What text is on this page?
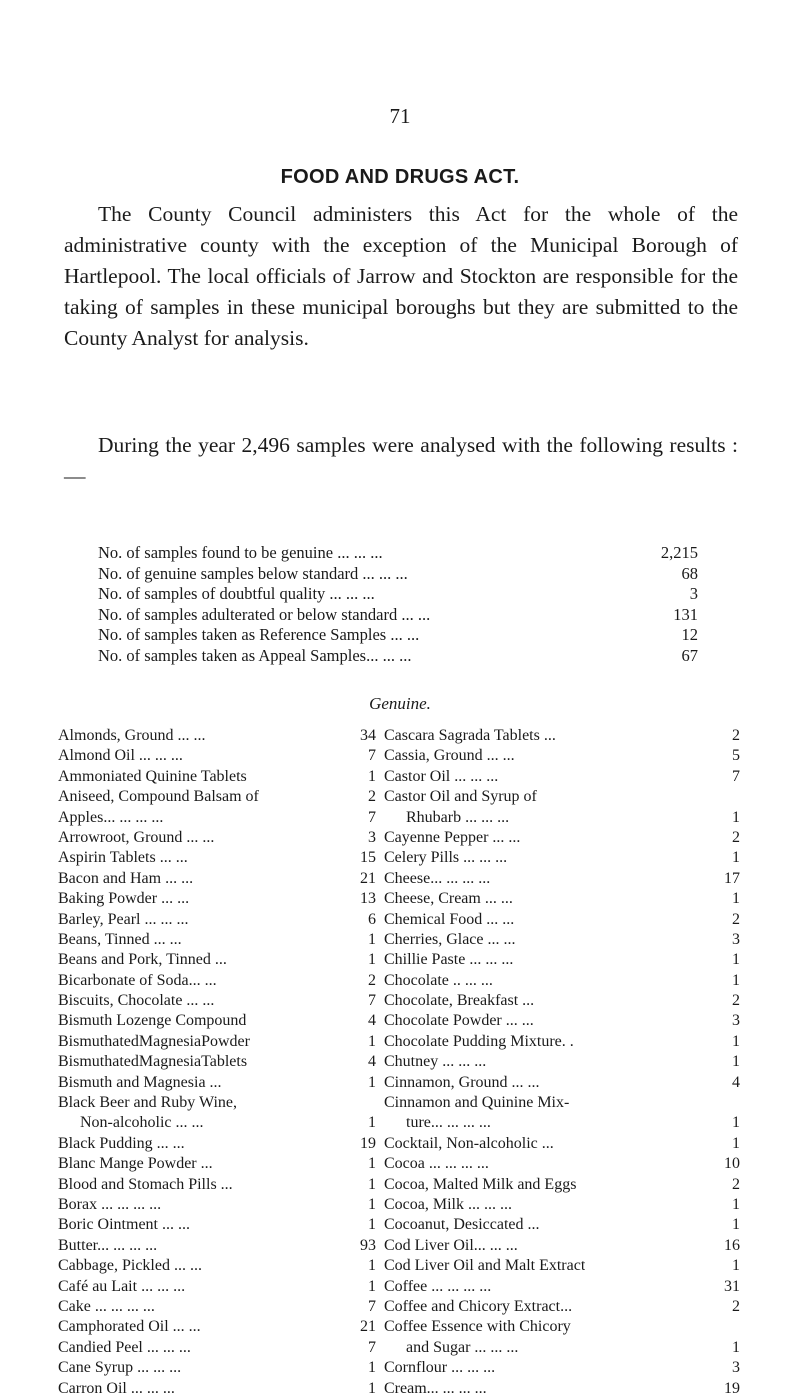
71
FOOD AND DRUGS ACT.
The County Council administers this Act for the whole of the administrative county with the exception of the Municipal Borough of Hartlepool. The local officials of Jarrow and Stockton are responsible for the taking of samples in these municipal boroughs but they are submitted to the County Analyst for analysis.
During the year 2,496 samples were analysed with the following results :—
No. of samples found to be genuine ... ... ...	2,215
No. of genuine samples below standard ... ... ...	68
No. of samples of doubtful quality ... ... ...	3
No. of samples adulterated or below standard ... ...	131
No. of samples taken as Reference Samples ... ...	12
No. of samples taken as Appeal Samples... ... ...	67
Genuine.
Almonds, Ground ... ...	34
Almond Oil ... ... ...	7
Ammoniated Quinine Tablets	1
Aniseed, Compound Balsam of	2
Apples... ... ... ...	7
Arrowroot, Ground ... ...	3
Aspirin Tablets ... ...	15
Bacon and Ham ... ...	21
Baking Powder ... ...	13
Barley, Pearl ... ... ...	6
Beans, Tinned ... ...	1
Beans and Pork, Tinned ...	1
Bicarbonate of Soda... ...	2
Biscuits, Chocolate ... ...	7
Bismuth Lozenge Compound	4
BismuthatedMagnesiaPowder	1
BismuthatedMagnesiaTablets	4
Bismuth and Magnesia ...	1
Black Beer and Ruby Wine,
Non-alcoholic ... ...	1
Black Pudding ... ...	19
Blanc Mange Powder ...	1
Blood and Stomach Pills ...	1
Borax ... ... ... ...	1
Boric Ointment ... ...	1
Butter... ... ... ...	93
Cabbage, Pickled ... ...	1
Café au Lait ... ... ...	1
Cake ... ... ... ...	7
Camphorated Oil ... ...	21
Candied Peel ... ... ...	7
Cane Syrup ... ... ...	1
Carron Oil ... ... ...	1
Cascara Sagrada Tablets ...	2
Cassia, Ground ... ...	5
Castor Oil ... ... ...	7
Castor Oil and Syrup of
Rhubarb ... ... ...	1
Cayenne Pepper ... ...	2
Celery Pills ... ... ...	1
Cheese... ... ... ...	17
Cheese, Cream ... ...	1
Chemical Food ... ...	2
Cherries, Glace ... ...	3
Chillie Paste ... ... ...	1
Chocolate .. ... ...	1
Chocolate, Breakfast ...	2
Chocolate Powder ... ...	3
Chocolate Pudding Mixture. .	1
Chutney ... ... ...	1
Cinnamon, Ground ... ...	4
Cinnamon and Quinine Mix-
ture... ... ... ...	1
Cocktail, Non-alcoholic ...	1
Cocoa ... ... ... ...	10
Cocoa, Malted Milk and Eggs	2
Cocoa, Milk ... ... ...	1
Cocoanut, Desiccated ...	1
Cod Liver Oil... ... ...	16
Cod Liver Oil and Malt Extract	1
Coffee ... ... ... ...	31
Coffee and Chicory Extract...	2
Coffee Essence with Chicory
and Sugar ... ... ...	1
Cornflour ... ... ...	3
Cream... ... ... ...	19
